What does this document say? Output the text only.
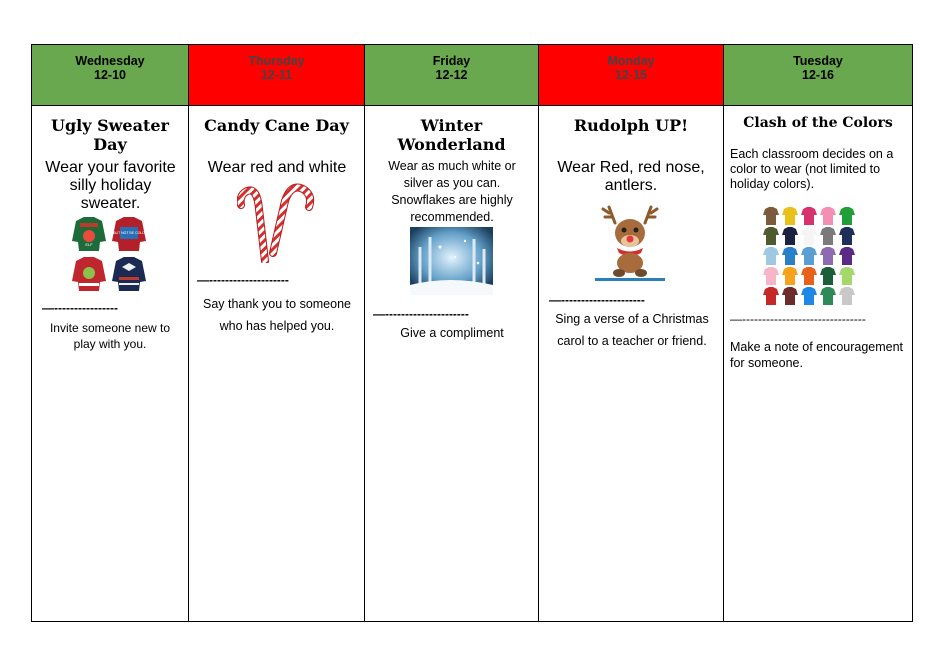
Wednesday
12-10
Ugly Sweater Day
Wear your favorite silly holiday sweater.
ELF
BUT NOT BE COLD
—----------------
Invite someone new to play with you.
Thursday
12-11
Candy Cane Day
Wear red and white
—--------------------
Say thank you to someone who has helped you.
Friday
12-12
Winter Wonderland
Wear as much white or silver as you can. Snowflakes are highly recommended.
—---------------------
Give a compliment
Monday
12-15
Rudolph UP!
Wear Red, red nose, antlers.
—---------------------
Sing a verse of a Christmas carol to a teacher or friend.
Tuesday
12-16
Clash of the Colors
Each classroom decides on a color to wear (not limited to holiday colors).
—-------------------------------
Make a note of encouragement for someone.
